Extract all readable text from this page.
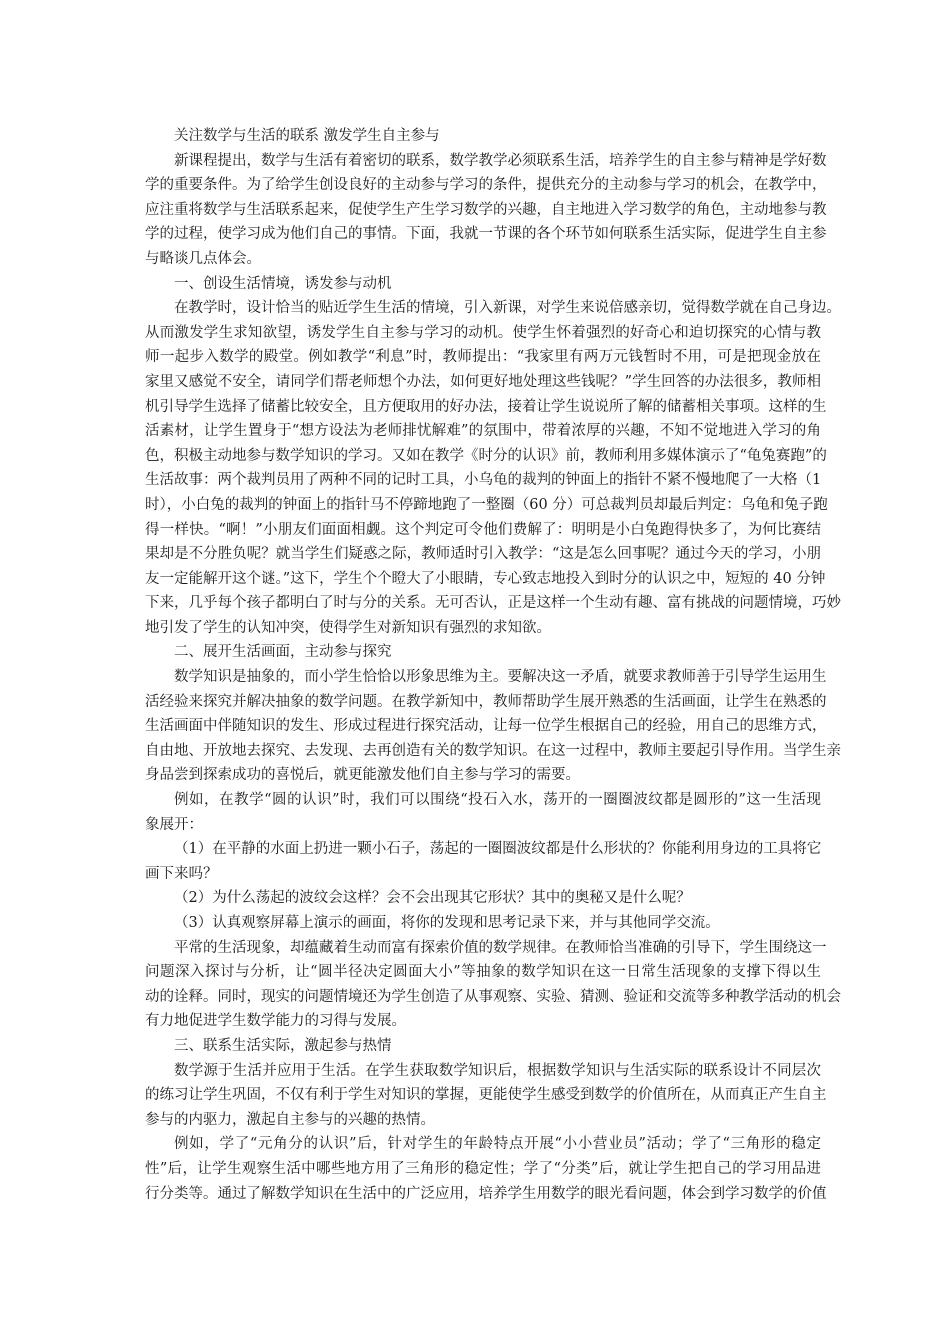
关注数学与生活的联系 激发学生自主参与
新课程提出，数学与生活有着密切的联系，数学教学必须联系生活，培养学生的自主参与精神是学好数
学的重要条件。为了给学生创设良好的主动参与学习的条件，提供充分的主动参与学习的机会，在教学中，
应注重将数学与生活联系起来，促使学生产生学习数学的兴趣，自主地进入学习数学的角色，主动地参与教
学的过程，使学习成为他们自己的事情。下面，我就一节课的各个环节如何联系生活实际，促进学生自主参
与略谈几点体会。
一、创设生活情境，诱发参与动机
在教学时，设计恰当的贴近学生生活的情境，引入新课，对学生来说倍感亲切，觉得数学就在自己身边。
从而激发学生求知欲望，诱发学生自主参与学习的动机。使学生怀着强烈的好奇心和迫切探究的心情与教
师一起步入数学的殿堂。例如教学“利息”时，教师提出：“我家里有两万元钱暂时不用，可是把现金放在
家里又感觉不安全，请同学们帮老师想个办法，如何更好地处理这些钱呢？”学生回答的办法很多，教师相
机引导学生选择了储蓄比较安全，且方便取用的好办法，接着让学生说说所了解的储蓄相关事项。这样的生
活素材，让学生置身于“想方设法为老师排忧解难”的氛围中，带着浓厚的兴趣，不知不觉地进入学习的角
色，积极主动地参与数学知识的学习。又如在教学《时分的认识》前，教师利用多媒体演示了“龟兔赛跑”的
生活故事：两个裁判员用了两种不同的记时工具，小乌龟的裁判的钟面上的指针不紧不慢地爬了一大格（1
时），小白兔的裁判的钟面上的指针马不停蹄地跑了一整圈（60 分）可总裁判员却最后判定：乌龟和兔子跑
得一样快。“啊！”小朋友们面面相觑。这个判定可令他们费解了：明明是小白兔跑得快多了，为何比赛结
果却是不分胜负呢？就当学生们疑惑之际，教师适时引入教学：“这是怎么回事呢？通过今天的学习，小朋
友一定能解开这个谜。”这下，学生个个瞪大了小眼睛，专心致志地投入到时分的认识之中，短短的 40 分钟
下来，几乎每个孩子都明白了时与分的关系。无可否认，正是这样一个生动有趣、富有挑战的问题情境，巧妙
地引发了学生的认知冲突，使得学生对新知识有强烈的求知欲。
二、展开生活画面，主动参与探究
数学知识是抽象的，而小学生恰恰以形象思维为主。要解决这一矛盾，就要求教师善于引导学生运用生
活经验来探究并解决抽象的数学问题。在教学新知中，教师帮助学生展开熟悉的生活画面，让学生在熟悉的
生活画面中伴随知识的发生、形成过程进行探究活动，让每一位学生根据自己的经验，用自己的思维方式，
自由地、开放地去探究、去发现、去再创造有关的数学知识。在这一过程中，教师主要起引导作用。当学生亲
身品尝到探索成功的喜悦后，就更能激发他们自主参与学习的需要。
例如，在教学“圆的认识”时，我们可以围绕“投石入水，荡开的一圈圈波纹都是圆形的”这一生活现
象展开：
（1）在平静的水面上扔进一颗小石子，荡起的一圈圈波纹都是什么形状的？你能利用身边的工具将它
画下来吗？
（2）为什么荡起的波纹会这样？会不会出现其它形状？其中的奥秘又是什么呢？
（3）认真观察屏幕上演示的画面，将你的发现和思考记录下来，并与其他同学交流。
平常的生活现象，却蕴藏着生动而富有探索价值的数学规律。在教师恰当准确的引导下，学生围绕这一
问题深入探讨与分析，让“圆半径决定圆面大小”等抽象的数学知识在这一日常生活现象的支撑下得以生
动的诠释。同时，现实的问题情境还为学生创造了从事观察、实验、猜测、验证和交流等多种教学活动的机会
有力地促进学生数学能力的习得与发展。
三、联系生活实际，激起参与热情
数学源于生活并应用于生活。在学生获取数学知识后，根据数学知识与生活实际的联系设计不同层次
的练习让学生巩固，不仅有利于学生对知识的掌握，更能使学生感受到数学的价值所在，从而真正产生自主
参与的内驱力，激起自主参与的兴趣的热情。
例如，学了“元角分的认识”后，针对学生的年龄特点开展“小小营业员”活动；学了“三角形的稳定
性”后，让学生观察生活中哪些地方用了三角形的稳定性；学了“分类”后，就让学生把自己的学习用品进
行分类等。通过了解数学知识在生活中的广泛应用，培养学生用数学的眼光看问题，体会到学习数学的价值
